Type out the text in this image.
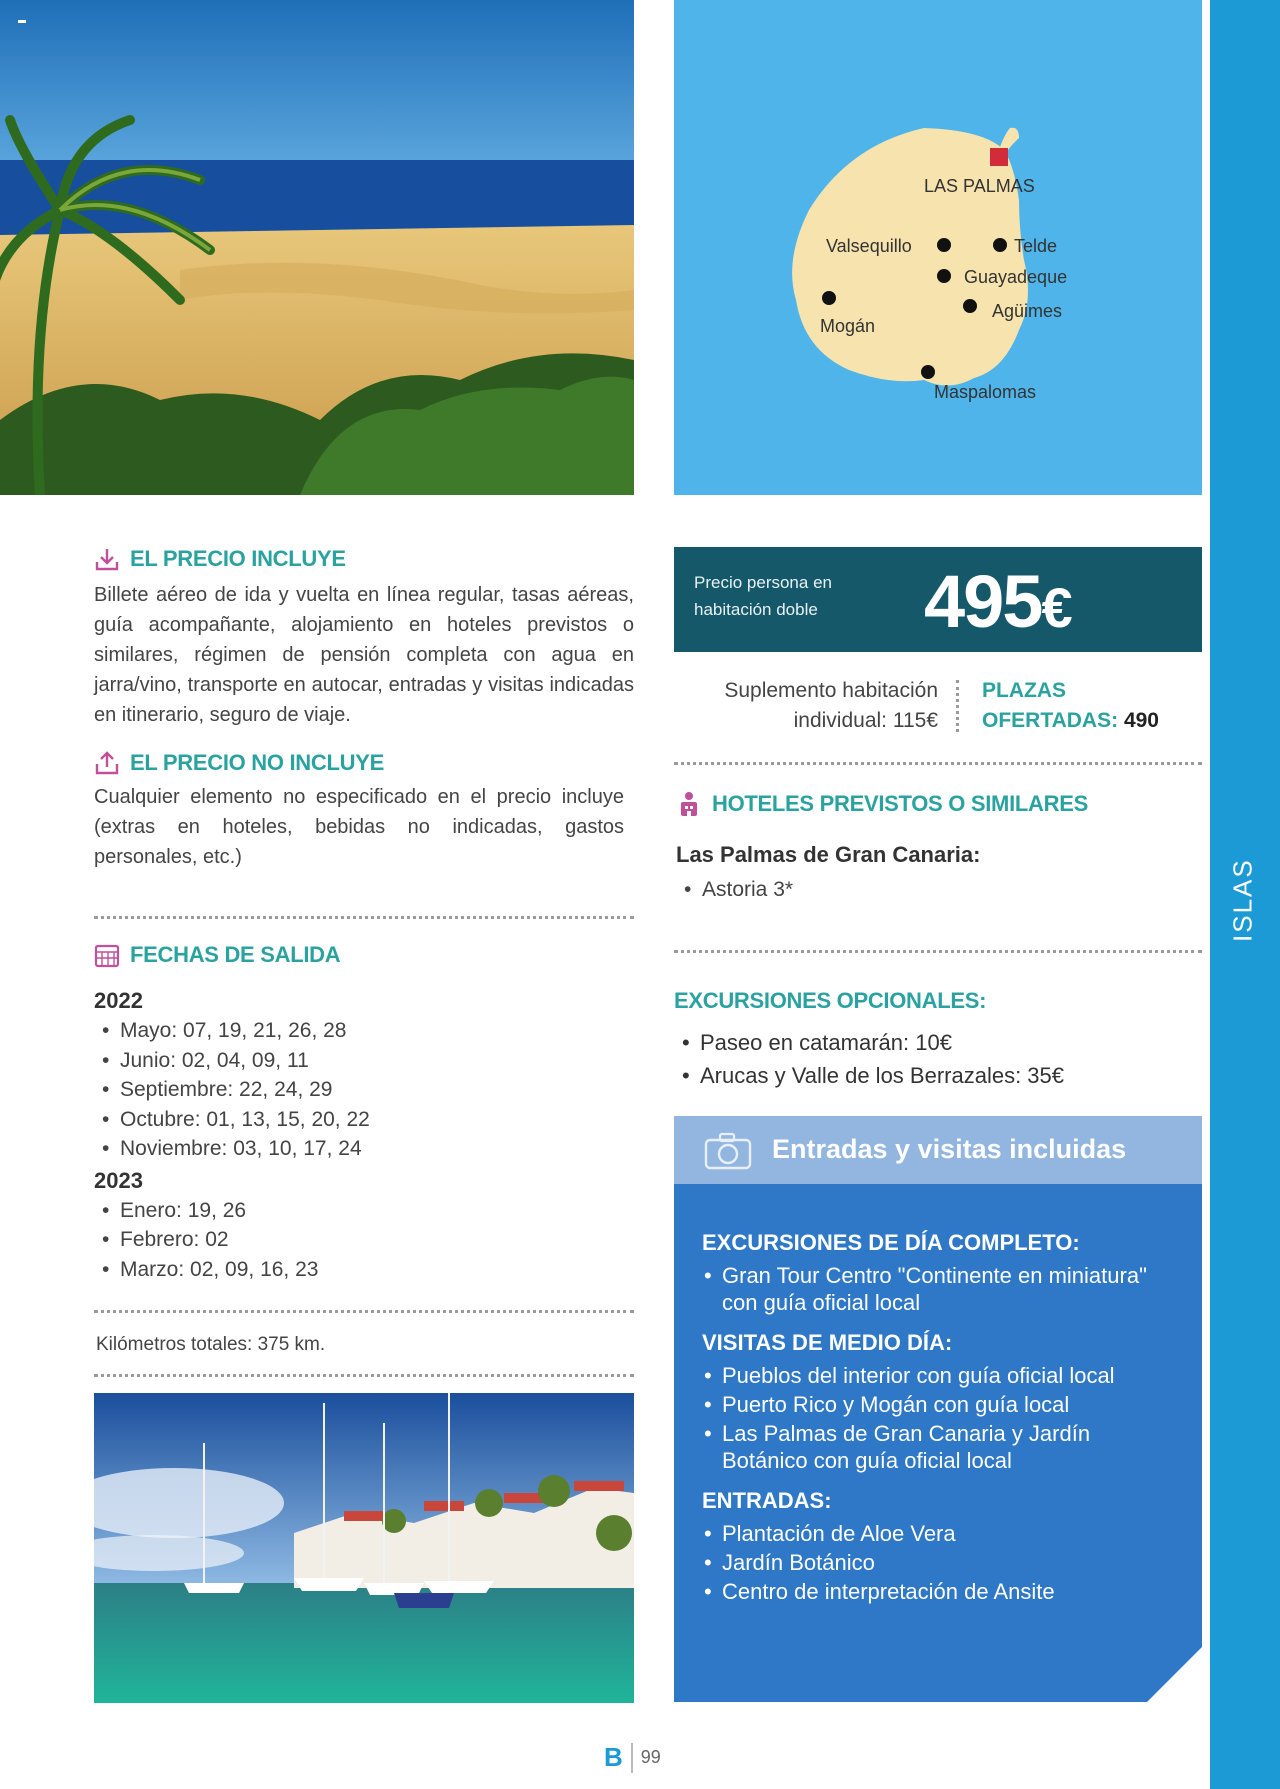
LAS PALMAS
Valsequillo	Telde
Guayadeque
Agüimes
Mogán
Maspalomas
ISLAS
EL PRECIO INCLUYE
Billete aéreo de ida y vuelta en línea regular, tasas aéreas, guía acompañante, alojamiento en hoteles previstos o similares, régimen de pensión completa con agua en jarra/vino, transporte en autocar, entradas y visitas indicadas en itinerario, seguro de viaje.
EL PRECIO NO INCLUYE
Cualquier elemento no especificado en el precio incluye (extras en hoteles, bebidas no indicadas, gastos personales, etc.)
FECHAS DE SALIDA
2022
• Mayo: 07, 19, 21, 26, 28
• Junio: 02, 04, 09, 11
• Septiembre: 22, 24, 29
• Octubre: 01, 13, 15, 20, 22
• Noviembre: 03, 10, 17, 24
2023
• Enero: 19, 26
• Febrero: 02
• Marzo: 02, 09, 16, 23
Kilómetros totales: 375 km.
Precio persona en habitación doble	495€
Suplemento habitación
individual: 115€
PLAZAS
OFERTADAS: 490
HOTELES PREVISTOS O SIMILARES
Las Palmas de Gran Canaria:
• Astoria 3*
EXCURSIONES OPCIONALES:
• Paseo en catamarán: 10€
• Arucas y Valle de los Berrazales: 35€
Entradas y visitas incluidas
EXCURSIONES DE DÍA COMPLETO:
• Gran Tour Centro "Continente en miniatura" con guía oficial local
VISITAS DE MEDIO DÍA:
• Pueblos del interior con guía oficial local
• Puerto Rico y Mogán con guía local
• Las Palmas de Gran Canaria y Jardín Botánico con guía oficial local
ENTRADAS:
• Plantación de Aloe Vera
• Jardín Botánico
• Centro de interpretación de Ansite
B 99
